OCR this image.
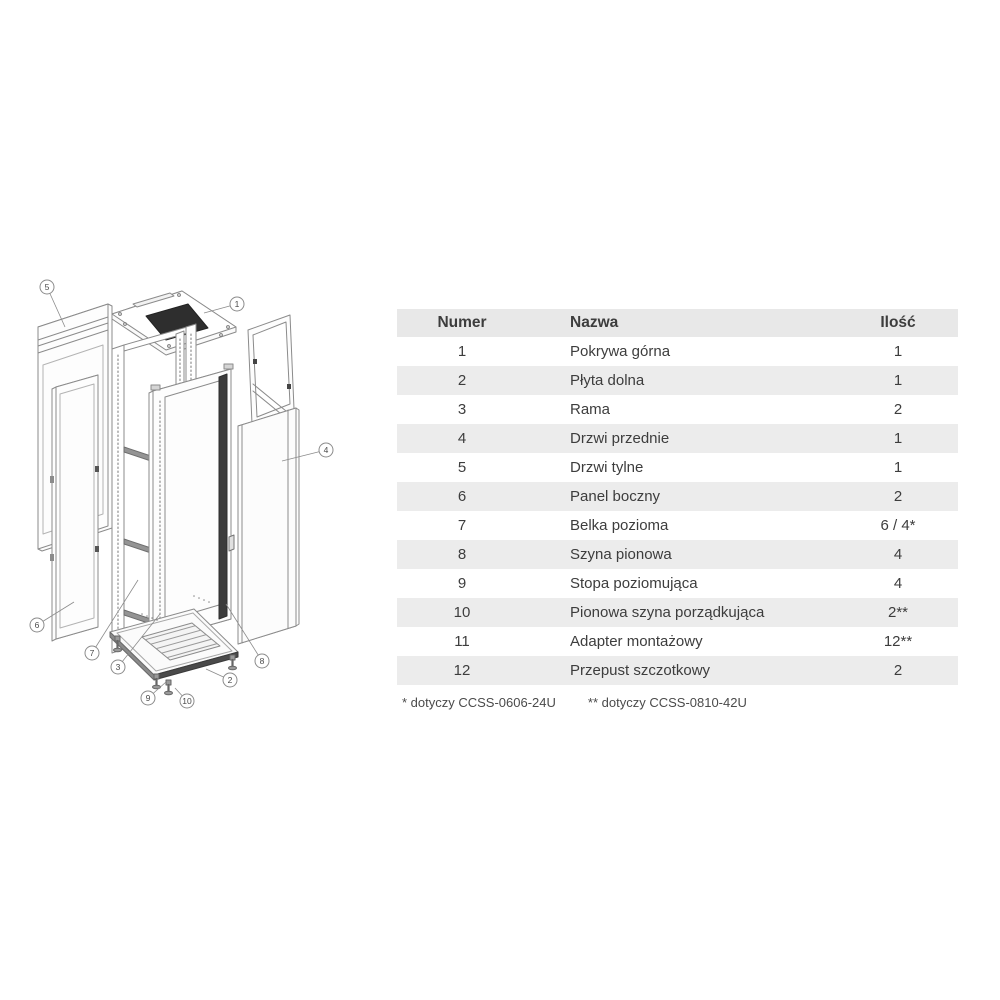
1
2
3
4
5
6
7
8
9	10
Numer	Nazwa	Ilość
1	Pokrywa górna	1
2	Płyta dolna	1
3	Rama	2
4	Drzwi przednie	1
5	Drzwi tylne	1
6	Panel boczny	2
7	Belka pozioma	6 / 4*
8	Szyna pionowa	4
9	Stopa poziomująca	4
10	Pionowa szyna porządkująca	2**
11	Adapter montażowy	12**
12	Przepust szczotkowy	2
* dotyczy CCSS-0606-24U ** dotyczy CCSS-0810-42U
